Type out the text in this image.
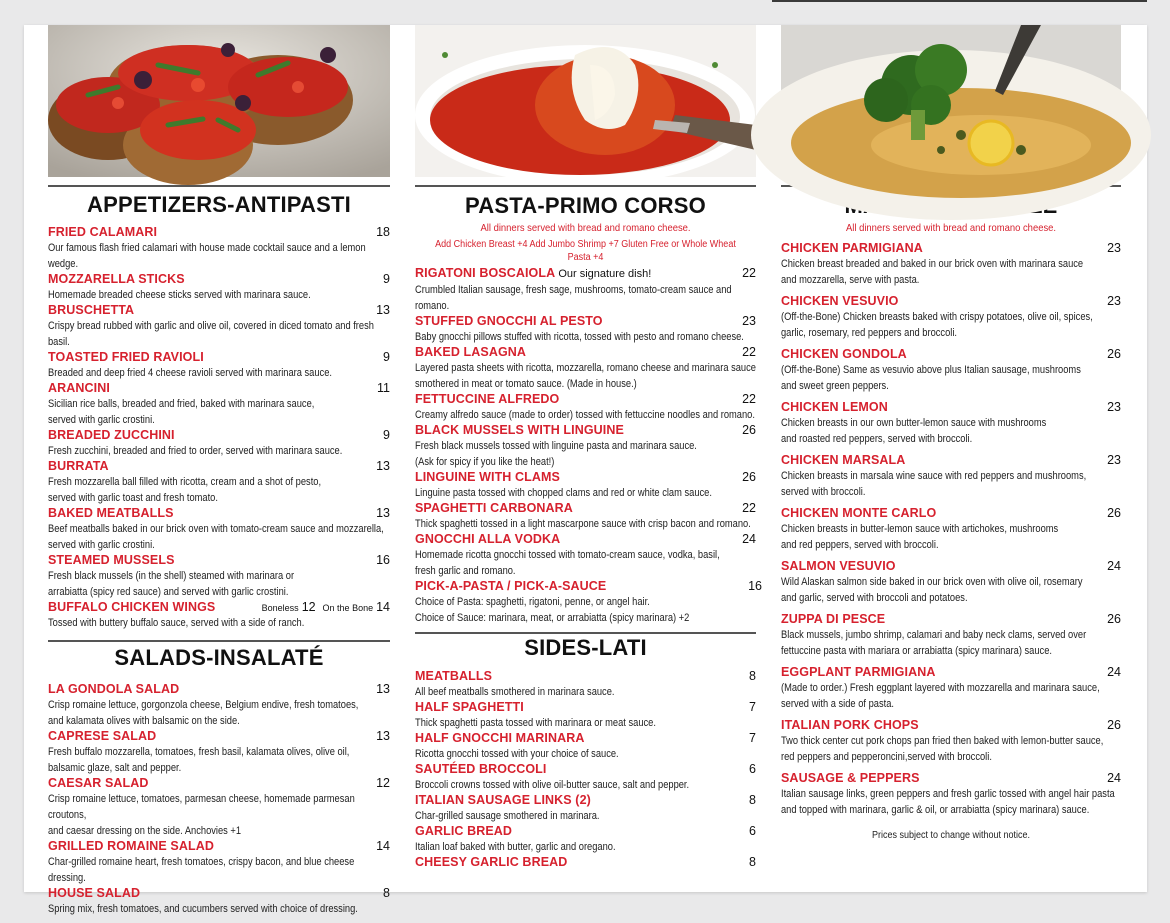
APPETIZERS-ANTIPASTI
FRIED CALAMARI	18
Our famous flash fried calamari with house made cocktail sauce and a lemon wedge.
MOZZARELLA STICKS	9
Homemade breaded cheese sticks served with marinara sauce.
BRUSCHETTA	13
Crispy bread rubbed with garlic and olive oil, covered in diced tomato and fresh basil.
TOASTED FRIED RAVIOLI	9
Breaded and deep fried 4 cheese ravioli served with marinara sauce.
ARANCINI	11
Sicilian rice balls, breaded and fried, baked with marinara sauce,
served with garlic crostini.
BREADED ZUCCHINI	9
Fresh zucchini, breaded and fried to order, served with marinara sauce.
BURRATA	13
Fresh mozzarella ball filled with ricotta, cream and a shot of pesto,
served with garlic toast and fresh tomato.
BAKED MEATBALLS	13
Beef meatballs baked in our brick oven with tomato-cream sauce and mozzarella,
served with garlic crostini.
STEAMED MUSSELS	16
Fresh black mussels (in the shell) steamed with marinara or
arrabiatta (spicy red sauce) and served with garlic crostini.
BUFFALO CHICKEN WINGS	Boneless 12 On the Bone 14
Tossed with buttery buffalo sauce, served with a side of ranch.
SALADS-INSALATÉ
LA GONDOLA SALAD	13
Crisp romaine lettuce, gorgonzola cheese, Belgium endive, fresh tomatoes,
and kalamata olives with balsamic on the side.
CAPRESE SALAD	13
Fresh buffalo mozzarella, tomatoes, fresh basil, kalamata olives, olive oil,
balsamic glaze, salt and pepper.
CAESAR SALAD	12
Crisp romaine lettuce, tomatoes, parmesan cheese, homemade parmesan croutons,
and caesar dressing on the side. Anchovies +1
GRILLED ROMAINE SALAD	14
Char-grilled romaine heart, fresh tomatoes, crispy bacon, and blue cheese dressing.
HOUSE SALAD	8
Spring mix, fresh tomatoes, and cucumbers served with choice of dressing.
PASTA-PRIMO CORSO
All dinners served with bread and romano cheese.
Add Chicken Breast +4 Add Jumbo Shrimp +7 Gluten Free or Whole Wheat Pasta +4
RIGATONI BOSCAIOLA Our signature dish!	22
Crumbled Italian sausage, fresh sage, mushrooms, tomato-cream sauce and romano.
STUFFED GNOCCHI AL PESTO	23
Baby gnocchi pillows stuffed with ricotta, tossed with pesto and romano cheese.
BAKED LASAGNA	22
Layered pasta sheets with ricotta, mozzarella, romano cheese and marinara sauce
smothered in meat or tomato sauce. (Made in house.)
FETTUCCINE ALFREDO	22
Creamy alfredo sauce (made to order) tossed with fettuccine noodles and romano.
BLACK MUSSELS WITH LINGUINE	26
Fresh black mussels tossed with linguine pasta and marinara sauce.
(Ask for spicy if you like the heat!)
LINGUINE WITH CLAMS	26
Linguine pasta tossed with chopped clams and red or white clam sauce.
SPAGHETTI CARBONARA	22
Thick spaghetti tossed in a light mascarpone sauce with crisp bacon and romano.
GNOCCHI ALLA VODKA	24
Homemade ricotta gnocchi tossed with tomato-cream sauce, vodka, basil,
fresh garlic and romano.
PICK-A-PASTA / PICK-A-SAUCE	16
Choice of Pasta: spaghetti, rigatoni, penne, or angel hair.
Choice of Sauce: marinara, meat, or arrabiatta (spicy marinara) +2
SIDES-LATI
MEATBALLS	8
All beef meatballs smothered in marinara sauce.
HALF SPAGHETTI	7
Thick spaghetti pasta tossed with marinara or meat sauce.
HALF GNOCCHI MARINARA	7
Ricotta gnocchi tossed with your choice of sauce.
SAUTÉED BROCCOLI	6
Broccoli crowns tossed with olive oil-butter sauce, salt and pepper.
ITALIAN SAUSAGE LINKS (2)	8
Char-grilled sausage smothered in marinara.
GARLIC BREAD	6
Italian loaf baked with butter, garlic and oregano.
CHEESY GARLIC BREAD	8
All dinners served with bread and romano cheese.
CHICKEN PARMIGIANA	23
Chicken breast breaded and baked in our brick oven with marinara sauce
and mozzarella, serve with pasta.
CHICKEN VESUVIO	23
(Off-the-Bone) Chicken breasts baked with crispy potatoes, olive oil, spices,
garlic, rosemary, red peppers and broccoli.
CHICKEN GONDOLA	26
(Off-the-Bone) Same as vesuvio above plus Italian sausage, mushrooms
and sweet green peppers.
CHICKEN LEMON	23
Chicken breasts in our own butter-lemon sauce with mushrooms
and roasted red peppers, served with broccoli.
CHICKEN MARSALA	23
Chicken breasts in marsala wine sauce with red peppers and mushrooms,
served with broccoli.
CHICKEN MONTE CARLO	26
Chicken breasts in butter-lemon sauce with artichokes, mushrooms
and red peppers, served with broccoli.
SALMON VESUVIO	24
Wild Alaskan salmon side baked in our brick oven with olive oil, rosemary
and garlic, served with broccoli and potatoes.
ZUPPA DI PESCE	26
Black mussels, jumbo shrimp, calamari and baby neck clams, served over
fettuccine pasta with mariara or arrabiatta (spicy marinara) sauce.
EGGPLANT PARMIGIANA	24
(Made to order.) Fresh eggplant layered with mozzarella and marinara sauce,
served with a side of pasta.
ITALIAN PORK CHOPS	26
Two thick center cut pork chops pan fried then baked with lemon-butter sauce,
red peppers and pepperoncini,served with broccoli.
SAUSAGE & PEPPERS	24
Italian sausage links, green peppers and fresh garlic tossed with angel hair pasta
and topped with marinara, garlic & oil, or arrabiatta (spicy marinara) sauce.
Prices subject to change without notice.
